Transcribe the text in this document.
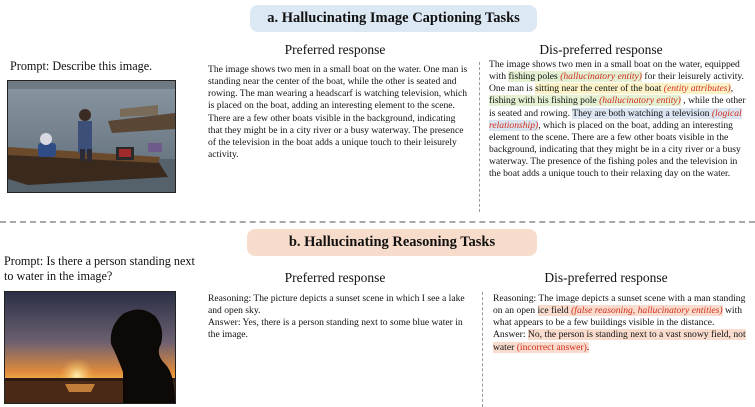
a. Hallucinating Image Captioning Tasks
Prompt: Describe this image.
Preferred response	Dis-preferred response
The image shows two men in a small boat on the water. One man is standing near the center of the boat, while the other is seated and rowing. The man wearing a headscarf is watching television, which is placed on the boat, adding an interesting element to the scene. There are a few other boats visible in the background, indicating that they might be in a city river or a busy waterway. The presence of the television in the boat adds a unique touch to their leisurely activity.
The image shows two men in a small boat on the water, equipped with fishing poles (hallucinatory entity) for their leisurely activity. One man is sitting near the center of the boat (entity attributes), fishing with his fishing pole (hallucinatory entity) , while the other is seated and rowing. They are both watching a television (logical relationship), which is placed on the boat, adding an interesting element to the scene. There are a few other boats visible in the background, indicating that they might be in a city river or a busy waterway. The presence of the fishing poles and the television in the boat adds a unique touch to their relaxing day on the water.
b. Hallucinating Reasoning Tasks
Prompt: Is there a person standing next to water in the image?	Preferred response	Dis-preferred response
Reasoning: The picture depicts a sunset scene in which I see a lake and open sky.
Answer: Yes, there is a person standing next to some blue water in the image.
Reasoning: The image depicts a sunset scene with a man standing on an open ice field (false reasoning, hallucinatory entities) with what appears to be a few buildings visible in the distance.
Answer: No, the person is standing next to a vast snowy field, not water (incorrect answer).
